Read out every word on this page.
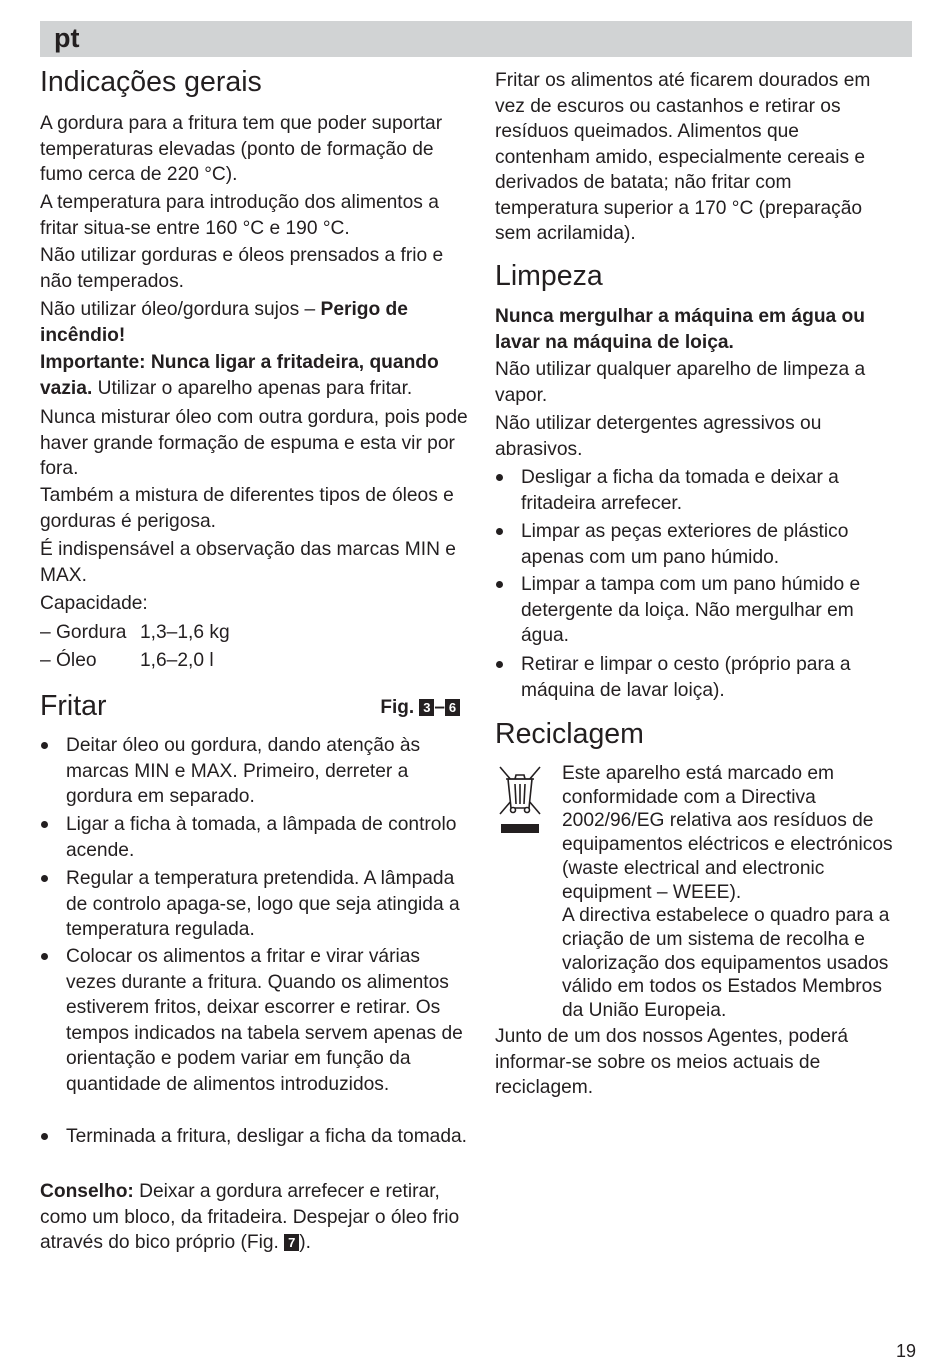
pt
Indicações gerais

A gordura para a fritura tem que poder suportar temperaturas elevadas (ponto de formação de fumo cerca de 220 °C).

A temperatura para introdução dos alimentos a fritar situa-se entre 160 °C e 190 °C.

Não utilizar gorduras e óleos prensados a frio e não temperados.

Não utilizar óleo/gordura sujos – Perigo de incêndio!

Importante: Nunca ligar a fritadeira, quando vazia. Utilizar o aparelho apenas para fritar.

Nunca misturar óleo com outra gordura, pois pode haver grande formação de espuma e esta vir por fora.

Também a mistura de diferentes tipos de óleos e gorduras é perigosa.

É indispensável a observação das marcas MIN e MAX.

Capacidade:

– Gordura 1,3–1,6 kg
– Óleo 1,6–2,0 l
Fritar	Fig. 3 – 6

Deitar óleo ou gordura, dando atenção às marcas MIN e MAX. Primeiro, derreter a gordura em separado.

Ligar a ficha à tomada, a lâmpada de controlo acende.

Regular a temperatura pretendida. A lâmpada de controlo apaga-se, logo que seja atingida a temperatura regulada.

Colocar os alimentos a fritar e virar várias vezes durante a fritura. Quando os alimentos estiverem fritos, deixar escorrer e retirar. Os tempos indicados na tabela servem apenas de orientação e podem variar em função da quantidade de alimentos introduzidos.

Terminada a fritura, desligar a ficha da tomada.

Conselho: Deixar a gordura arrefecer e retirar, como um bloco, da fritadeira. Despejar o óleo frio através do bico próprio (Fig. 7 ).

Fritar os alimentos até ficarem dourados em vez de escuros ou castanhos e retirar os resíduos queimados. Alimentos que contenham amido, especialmente cereais e derivados de batata; não fritar com temperatura superior a 170 °C (preparação sem acrilamida).

Limpeza

Nunca mergulhar a máquina em água ou lavar na máquina de loiça.

Não utilizar qualquer aparelho de limpeza a vapor.

Não utilizar detergentes agressivos ou abrasivos.

Desligar a ficha da tomada e deixar a fritadeira arrefecer.

Limpar as peças exteriores de plástico apenas com um pano húmido.

Limpar a tampa com um pano húmido e detergente da loiça. Não mergulhar em água.

Retirar e limpar o cesto (próprio para a máquina de lavar loiça).

Reciclagem
Este aparelho está marcado em conformidade com a Directiva 2002/96/EG relativa aos resíduos de equipamentos eléctricos e electrónicos (waste electrical and electronic equipment – WEEE).
A directiva estabelece o quadro para a criação de um sistema de recolha e valorização dos equipamentos usados válido em todos os Estados Membros da União Europeia.

Junto de um dos nossos Agentes, poderá informar-se sobre os meios actuais de reciclagem.

19
